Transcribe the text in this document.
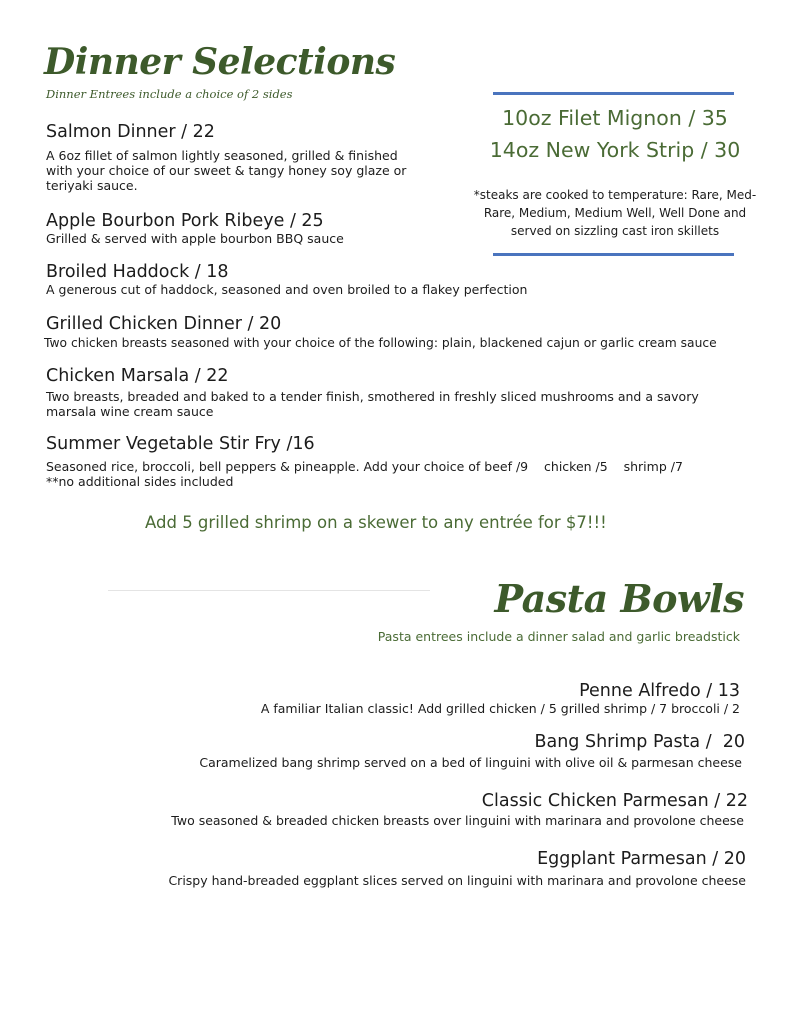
Dinner Selections
Dinner Entrees include a choice of 2 sides
10oz Filet Mignon / 35
14oz New York Strip / 30
*steaks are cooked to temperature: Rare, Med-Rare, Medium, Medium Well, Well Done and served on sizzling cast iron skillets
Salmon Dinner / 22
A 6oz fillet of salmon lightly seasoned, grilled & finished with your choice of our sweet & tangy honey soy glaze or teriyaki sauce.
Apple Bourbon Pork Ribeye / 25
Grilled & served with apple bourbon BBQ sauce
Broiled Haddock / 18
A generous cut of haddock, seasoned and oven broiled to a flakey perfection
Grilled Chicken Dinner / 20
Two chicken breasts seasoned with your choice of the following: plain, blackened cajun or garlic cream sauce
Chicken Marsala / 22
Two breasts, breaded and baked to a tender finish, smothered in freshly sliced mushrooms and a savory marsala wine cream sauce
Summer Vegetable Stir Fry /16
Seasoned rice, broccoli, bell peppers & pineapple. Add your choice of beef /9    chicken /5    shrimp /7
**no additional sides included
Add 5 grilled shrimp on a skewer to any entrée for $7!!!
Pasta Bowls
Pasta entrees include a dinner salad and garlic breadstick
Penne Alfredo / 13
A familiar Italian classic! Add grilled chicken / 5 grilled shrimp / 7 broccoli / 2
Bang Shrimp Pasta /  20
Caramelized bang shrimp served on a bed of linguini with olive oil & parmesan cheese
Classic Chicken Parmesan / 22
Two seasoned & breaded chicken breasts over linguini with marinara and provolone cheese
Eggplant Parmesan / 20
Crispy hand-breaded eggplant slices served on linguini with marinara and provolone cheese
